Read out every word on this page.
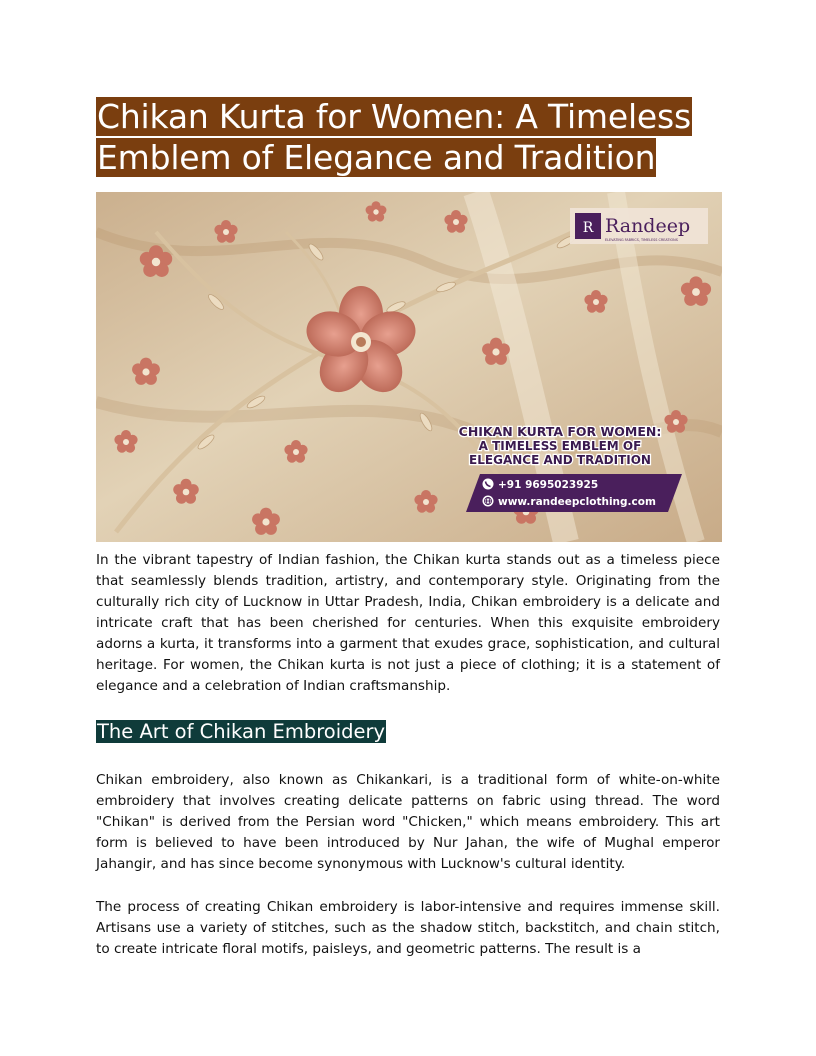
Chikan Kurta for Women: A Timeless Emblem of Elegance and Tradition
R Randeep
ELEVATING FABRICS, TIMELESS CREATIONS
CHIKAN KURTA FOR WOMEN:
A TIMELESS EMBLEM OF
ELEGANCE AND TRADITION
+91 9695023925
www.randeepclothing.com

In the vibrant tapestry of Indian fashion, the Chikan kurta stands out as a timeless piece that seamlessly blends tradition, artistry, and contemporary style. Originating from the culturally rich city of Lucknow in Uttar Pradesh, India, Chikan embroidery is a delicate and intricate craft that has been cherished for centuries. When this exquisite embroidery adorns a kurta, it transforms into a garment that exudes grace, sophistication, and cultural heritage. For women, the Chikan kurta is not just a piece of clothing; it is a statement of elegance and a celebration of Indian craftsmanship.

The Art of Chikan Embroidery

Chikan embroidery, also known as Chikankari, is a traditional form of white-on-white embroidery that involves creating delicate patterns on fabric using thread. The word "Chikan" is derived from the Persian word "Chicken," which means embroidery. This art form is believed to have been introduced by Nur Jahan, the wife of Mughal emperor Jahangir, and has since become synonymous with Lucknow's cultural identity.

The process of creating Chikan embroidery is labor-intensive and requires immense skill. Artisans use a variety of stitches, such as the shadow stitch, backstitch, and chain stitch, to create intricate floral motifs, paisleys, and geometric patterns. The result is a
